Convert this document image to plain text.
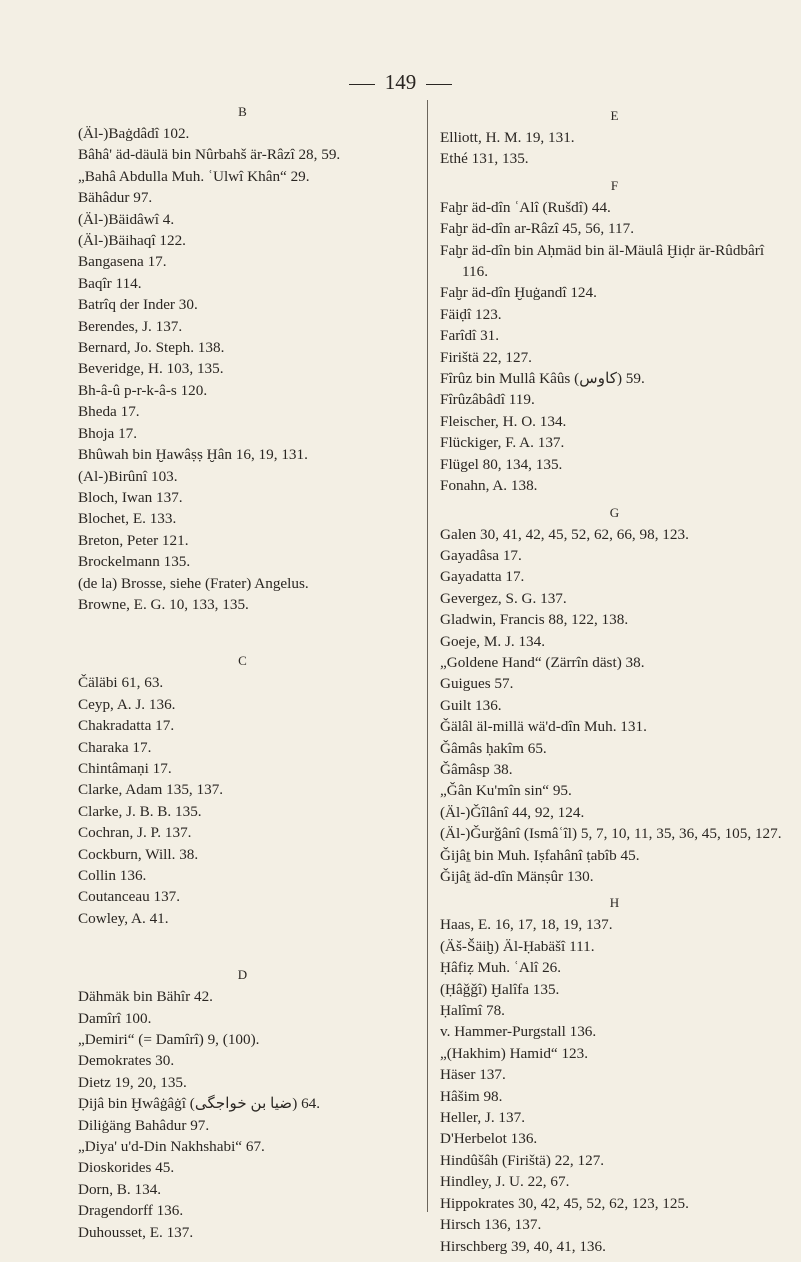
149
B

(Äl-)Baġdâdî 102.

Bâhâ' äd-däulä bin Nûrbahš är-Râzî 28, 59.

„Bahâ Abdulla Muh. ʿUlwî Khân“ 29.

Bähâdur 97.

(Äl-)Bäidâwî 4.

(Äl-)Bäihaqî 122.

Bangasena 17.

Baqîr 114.

Batrîq der Inder 30.

Berendes, J. 137.

Bernard, Jo. Steph. 138.

Beveridge, H. 103, 135.

Bh-â-û p-r-k-â-s 120.

Bheda 17.

Bhoja 17.

Bhûwah bin Ḫawâṣṣ Ḫân 16, 19, 131.

(Al-)Birûnî 103.

Bloch, Iwan 137.

Blochet, E. 133.

Breton, Peter 121.

Brockelmann 135.

(de la) Brosse, siehe (Frater) Angelus.

Browne, E. G. 10, 133, 135.

C

Čäläbi 61, 63.

Ceyp, A. J. 136.

Chakradatta 17.

Charaka 17.

Chintâmaṇi 17.

Clarke, Adam 135, 137.

Clarke, J. B. B. 135.

Cochran, J. P. 137.

Cockburn, Will. 38.

Collin 136.

Coutanceau 137.

Cowley, A. 41.

D

Dähmäk bin Bähîr 42.

Damîrî 100.

„Demiri“ (= Damîrî) 9, (100).

Demokrates 30.

Dietz 19, 20, 135.

Ḍijâ bin Ḫwâġâġî (ضيا بن خواجگى) 64.

Diliġäng Bahâdur 97.

„Diya' u'd-Din Nakhshabi“ 67.

Dioskorides 45.

Dorn, B. 134.

Dragendorff 136.

Duhousset, E. 137.

E

Elliott, H. M. 19, 131.

Ethé 131, 135.

F

Faḫr äd-dîn ʿAlî (Rušdî) 44.

Faḫr äd-dîn ar-Râzî 45, 56, 117.

Faḫr äd-dîn bin Aḥmäd bin äl-Mäulâ Ḫiḍr är-Rûdbârî 116.

Faḫr äd-dîn Ḫuġandî 124.

Fäiḍî 123.

Farîdî 31.

Firištä 22, 127.

Fîrûz bin Mullâ Kâûs (كاوس) 59.

Fîrûzâbâdî 119.

Fleischer, H. O. 134.

Flückiger, F. A. 137.

Flügel 80, 134, 135.

Fonahn, A. 138.

G

Galen 30, 41, 42, 45, 52, 62, 66, 98, 123.

Gayadâsa 17.

Gayadatta 17.

Gevergez, S. G. 137.

Gladwin, Francis 88, 122, 138.

Goeje, M. J. 134.

„Goldene Hand“ (Zärrîn däst) 38.

Guigues 57.

Guilt 136.

Ǧälâl äl-millä wä'd-dîn Muh. 131.

Ǧâmâs ḥakîm 65.

Ǧâmâsp 38.

„Ǧân Ku'mîn sin“ 95.

(Äl-)Ǧîlânî 44, 92, 124.

(Äl-)Ǧurǧânî (Ismâʿîl) 5, 7, 10, 11, 35, 36, 45, 105, 127.

Ǧijâṯ bin Muh. Iṣfahânî ṭabîb 45.

Ǧijâṯ äd-dîn Mänṣûr 130.

H

Haas, E. 16, 17, 18, 19, 137.

(Äš-Šäiḫ) Äl-Ḥabäšî 111.

Ḥâfiẓ Muh. ʿAlî 26.

(Ḥâǧǧî) Ḫalîfa 135.

Ḥalîmî 78.

v. Hammer-Purgstall 136.

„(Hakhim) Hamid“ 123.

Häser 137.

Hâšim 98.

Heller, J. 137.

D'Herbelot 136.

Hindûšâh (Firištä) 22, 127.

Hindley, J. U. 22, 67.

Hippokrates 30, 42, 45, 52, 62, 123, 125.

Hirsch 136, 137.

Hirschberg 39, 40, 41, 136.
